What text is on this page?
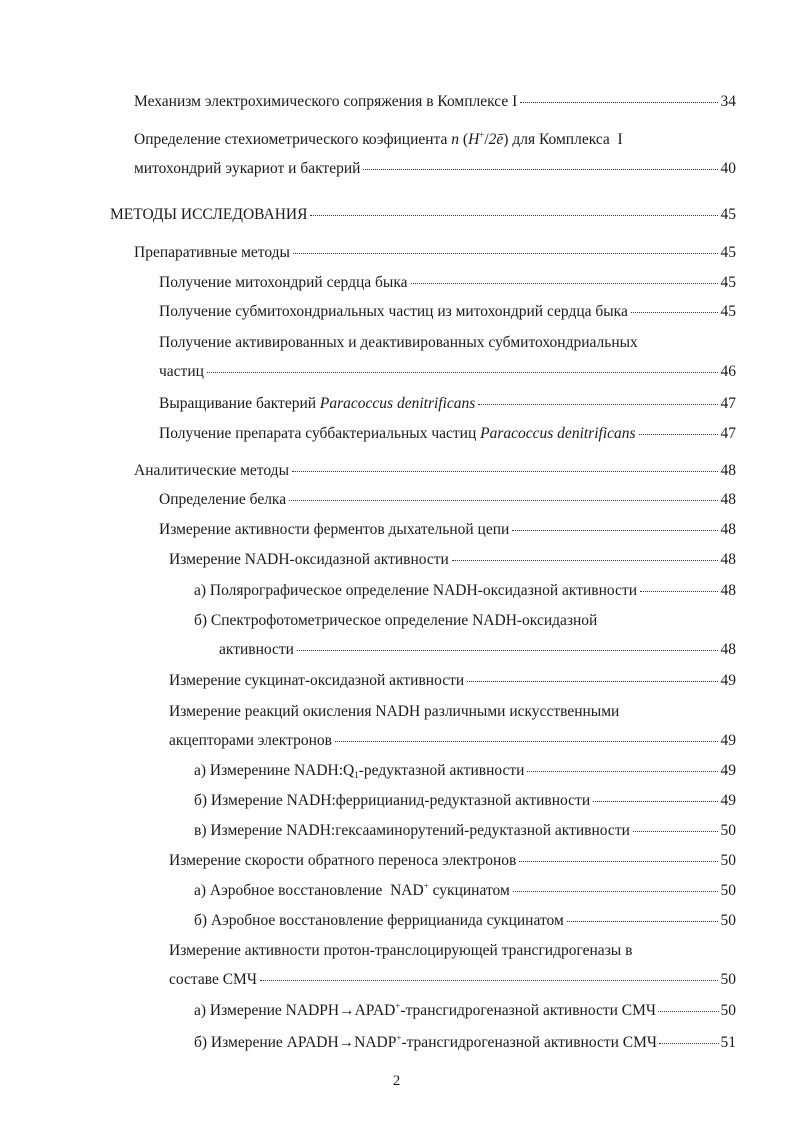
Механизм электрохимического сопряжения в Комплексе I	34
Определение стехиометрического коэфициента n (H+/2ē) для Комплекса  I
митохондрий эукариот и бактерий	40
МЕТОДЫ ИССЛЕДОВАНИЯ	45
Препаративные методы	45
Получение митохондрий сердца быка	45
Получение субмитохондриальных частиц из митохондрий сердца быка	45
Получение активированных и деактивированных субмитохондриальных
частиц	46
Выращивание бактерий Paracoccus denitrificans	47
Получение препарата суббактериальных частиц Paracoccus denitrificans	47
Аналитические методы	48
Определение белка	48
Измерение активности ферментов дыхательной цепи	48
Измерение NADH-оксидазной активности	48
а) Полярографическое определение NADH-оксидазной активности	48
б) Спектрофотометрическое определение NADH-оксидазной
активности	48
Измерение сукцинат-оксидазной активности	49
Измерение реакций окисления NADH различными искусственными
акцепторами электронов	49
а) Измеренине $NADH:Q_1$-редуктазной активности	49
б) Измерение NADH:феррицианид-редуктазной активности	49
в) Измерение NADH:гексааминорутений-редуктазной активности	50
Измерение скорости обратного переноса электронов	50
а) Аэробное восстановление  NAD+ сукцинатом	50
б) Аэробное восстановление феррицианида сукцинатом	50
Измерение активности протон-транслоцирующей трансгидрогеназы в
составе СМЧ	50
а) Измерение NADPH→APAD+-трансгидрогеназной активности СМЧ	50
б) Измерение APADH→NADP+-трансгидрогеназной активности СМЧ	51
2
